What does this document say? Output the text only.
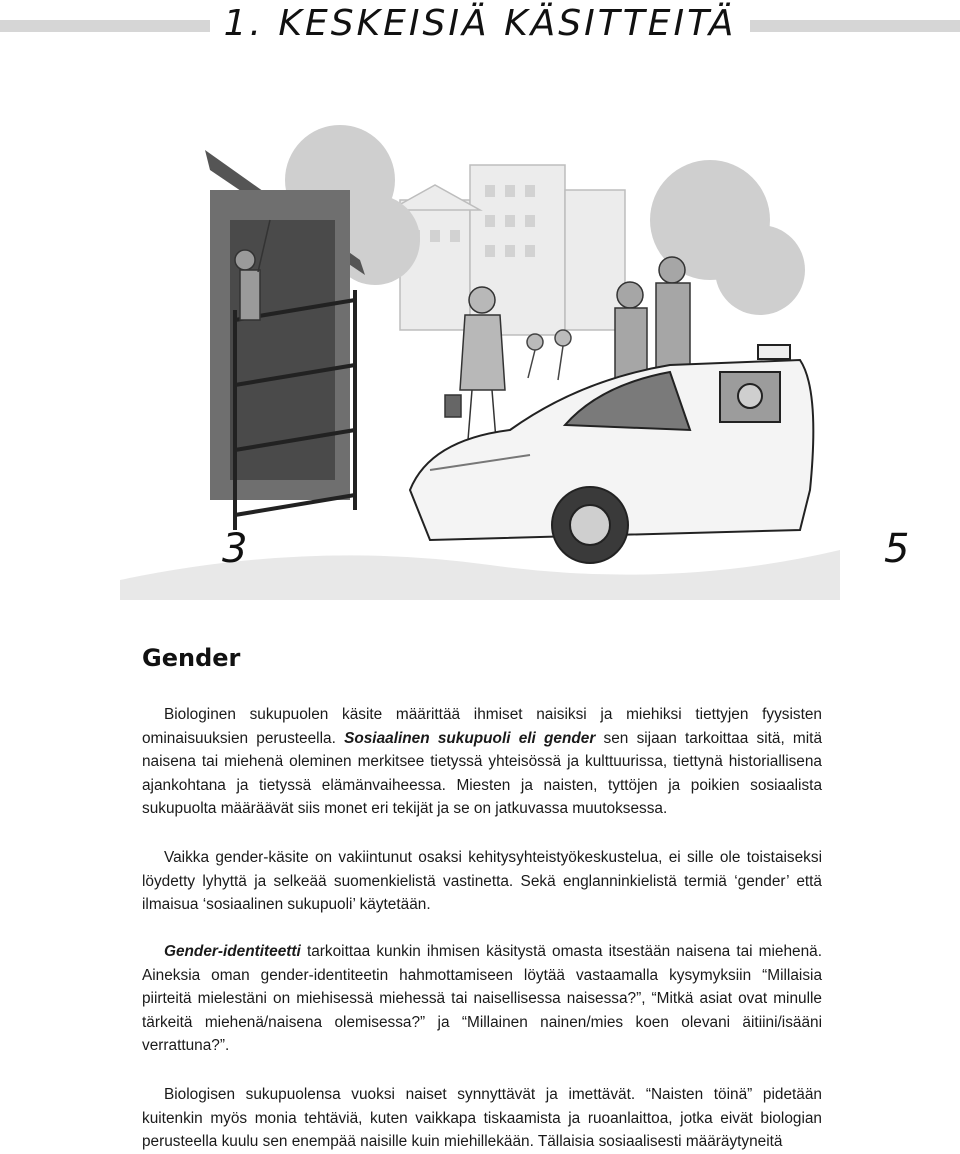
1. KESKEISIÄ KÄSITTEITÄ
3	5
Gender

Biologinen sukupuolen käsite määrittää ihmiset naisiksi ja miehiksi tiettyjen fyysisten ominaisuuksien perusteella. Sosiaalinen sukupuoli eli gender sen sijaan tarkoittaa sitä, mitä naisena tai miehenä oleminen merkitsee tietyssä yhteisössä ja kulttuurissa, tiettynä historiallisena ajankohtana ja tietyssä elämänvaiheessa. Miesten ja naisten, tyttöjen ja poikien sosiaalista sukupuolta määräävät siis monet eri tekijät ja se on jatkuvassa muutoksessa.

Vaikka gender-käsite on vakiintunut osaksi kehitysyhteistyökeskustelua, ei sille ole toistaiseksi löydetty lyhyttä ja selkeää suomenkielistä vastinetta. Sekä englanninkielistä termiä ‘gender’ että ilmaisua ‘sosiaalinen sukupuoli’ käytetään.

Gender-identiteetti tarkoittaa kunkin ihmisen käsitystä omasta itsestään naisena tai miehenä. Aineksia oman gender-identiteetin hahmottamiseen löytää vastaamalla kysymyksiin “Millaisia piirteitä mielestäni on miehisessä miehessä tai naisellisessa naisessa?”, “Mitkä asiat ovat minulle tärkeitä miehenä/naisena olemisessa?” ja “Millainen nainen/mies koen olevani äitiini/isääni verrattuna?”.

Biologisen sukupuolensa vuoksi naiset synnyttävät ja imettävät. “Naisten töinä” pidetään kuitenkin myös monia tehtäviä, kuten vaikkapa tiskaamista ja ruoanlaittoa, jotka eivät biologian perusteella kuulu sen enempää naisille kuin miehillekään. Tällaisia sosiaalisesti määräytyneitä
